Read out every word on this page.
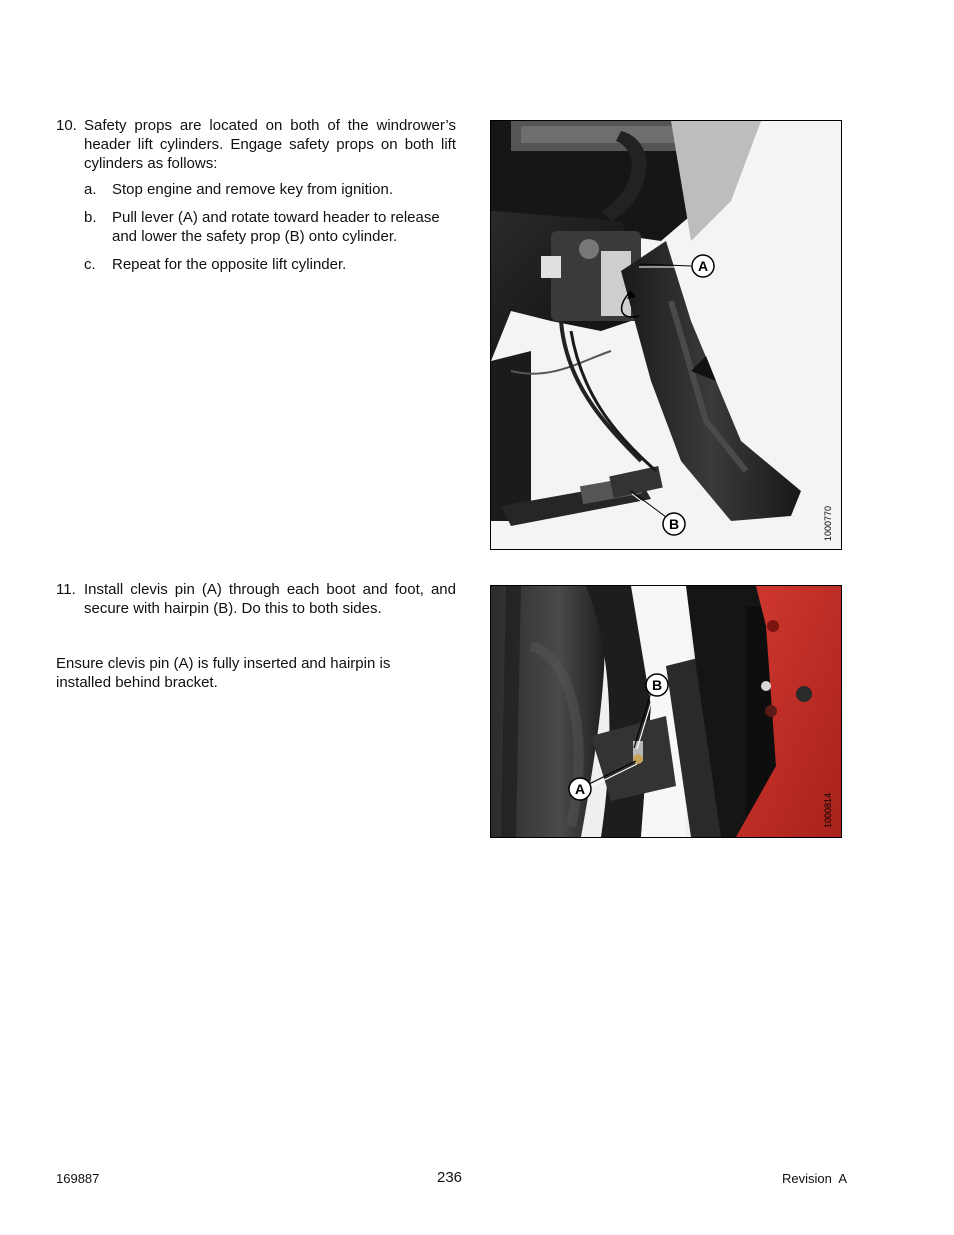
10. Safety props are located on both of the windrower’s header lift cylinders. Engage safety props on both lift cylinders as follows:
a. Stop engine and remove key from ignition.
b. Pull lever (A) and rotate toward header to release and lower the safety prop (B) onto cylinder.
c. Repeat for the opposite lift cylinder.	A
B	1000770
11. Install clevis pin (A) through each boot and foot, and secure with hairpin (B). Do this to both sides.
Ensure clevis pin (A) is fully inserted and hairpin is installed behind bracket.	B
A
1000814
169887	236	Revision  A
